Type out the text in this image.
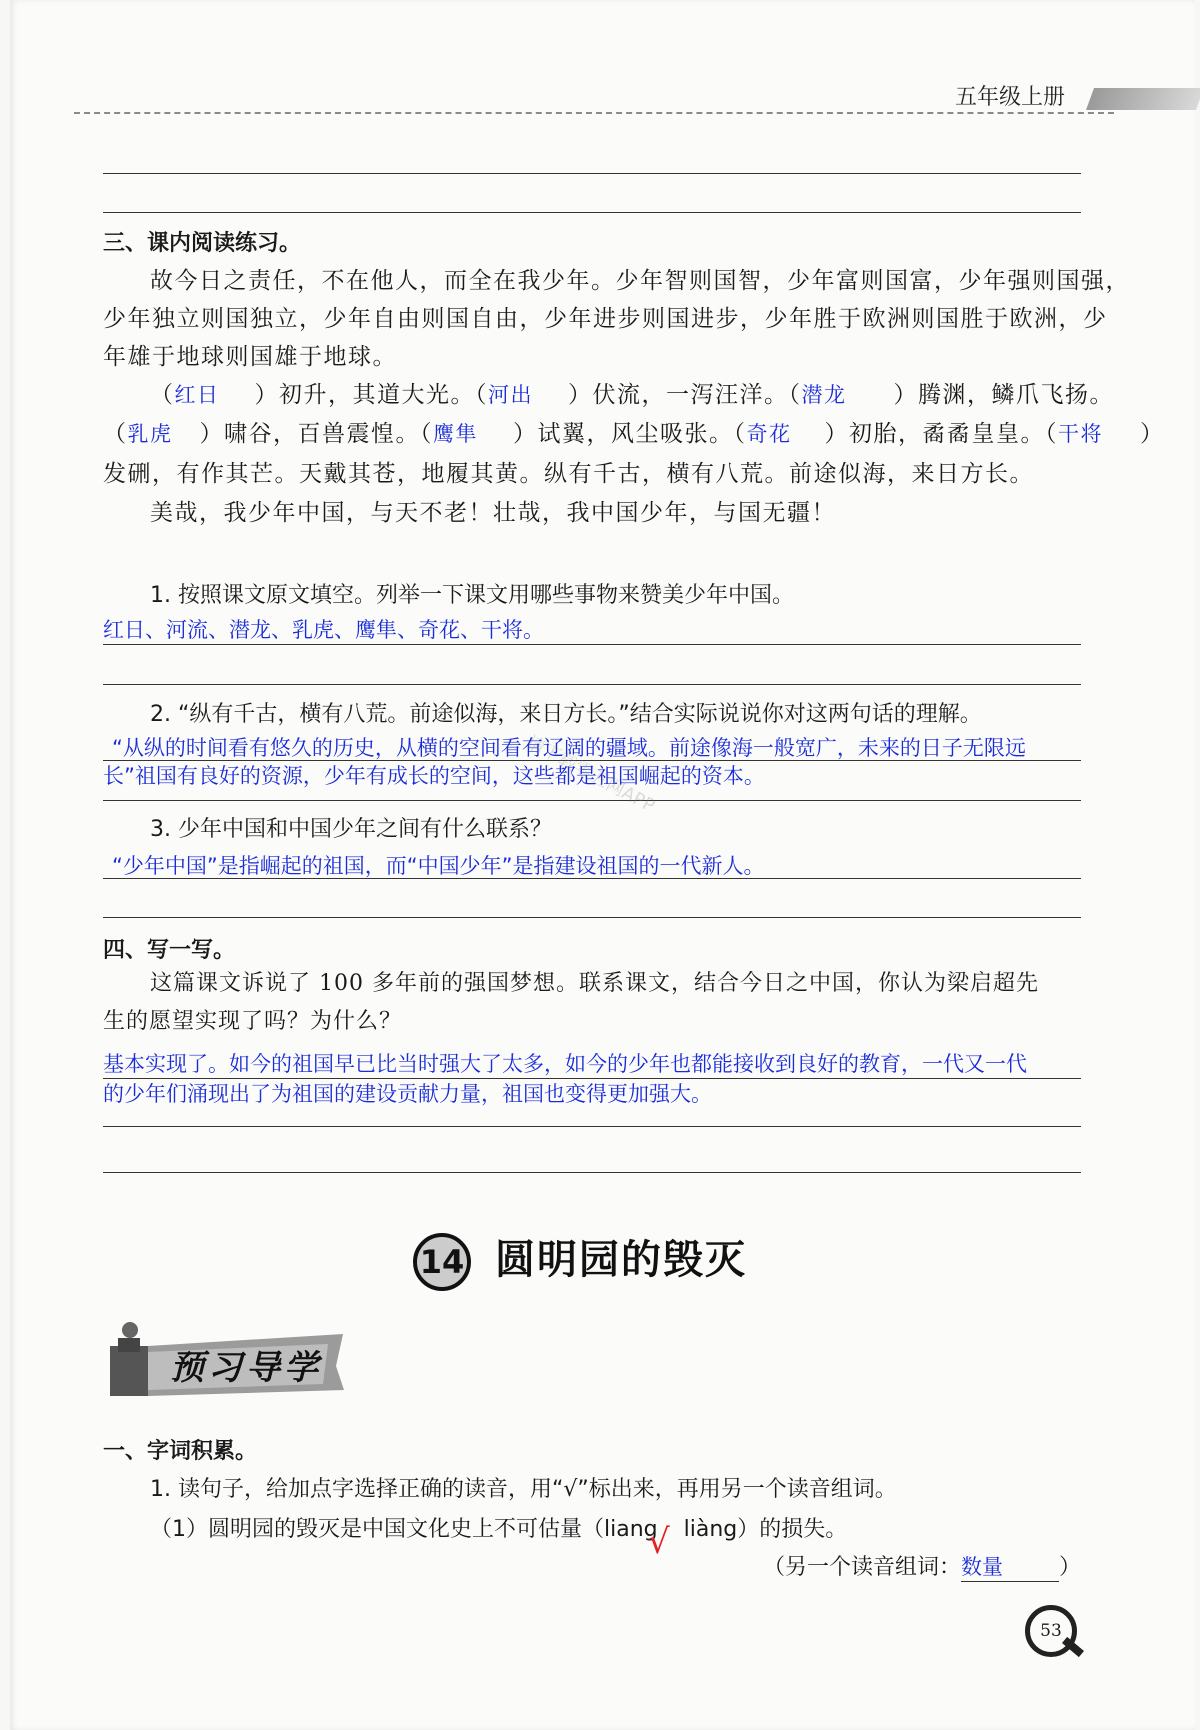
五年级上册
三、课内阅读练习。
故今日之责任，不在他人，而全在我少年。少年智则国智，少年富则国富，少年强则国强，
少年独立则国独立，少年自由则国自由，少年进步则国进步，少年胜于欧洲则国胜于欧洲，少
年雄于地球则国雄于地球。
（红日 ）初升，其道大光。（河出 ）伏流，一泻汪洋。（潜龙 ）腾渊，鳞爪飞扬。
（乳虎 ）啸谷，百兽震惶。（鹰隼 ）试翼，风尘吸张。（奇花 ）初胎，矞矞皇皇。（干将 ）
发硎，有作其芒。天戴其苍，地履其黄。纵有千古，横有八荒。前途似海，来日方长。
美哉，我少年中国，与天不老！壮哉，我中国少年，与国无疆！
1. 按照课文原文填空。列举一下课文用哪些事物来赞美少年中国。
红日、河流、潜龙、乳虎、鹰隼、奇花、干将。
2. “纵有千古，横有八荒。前途似海，来日方长。”结合实际说说你对这两句话的理解。
“从纵的时间看有悠久的历史，从横的空间看有辽阔的疆域。前途像海一般宽广，未来的日子无限远
长”祖国有良好的资源，少年有成长的空间，这些都是祖国崛起的资本。
3. 少年中国和中国少年之间有什么联系？
“少年中国”是指崛起的祖国，而“中国少年”是指建设祖国的一代新人。
四、写一写。
这篇课文诉说了 100 多年前的强国梦想。联系课文，结合今日之中国，你认为梁启超先
生的愿望实现了吗？为什么？
基本实现了。如今的祖国早已比当时强大了太多，如今的少年也都能接收到良好的教育，一代又一代
的少年们涌现出了为祖国的建设贡献力量，祖国也变得更加强大。
14 圆明园的毁灭
预习导学
一、字词积累。
1. 读句子，给加点字选择正确的读音，用“√”标出来，再用另一个读音组词。
（1）圆明园的毁灭是中国文化史上不可估量（liang liàng）的损失。
√
（另一个读音组词：数量	）
53
请下载零五网APP
